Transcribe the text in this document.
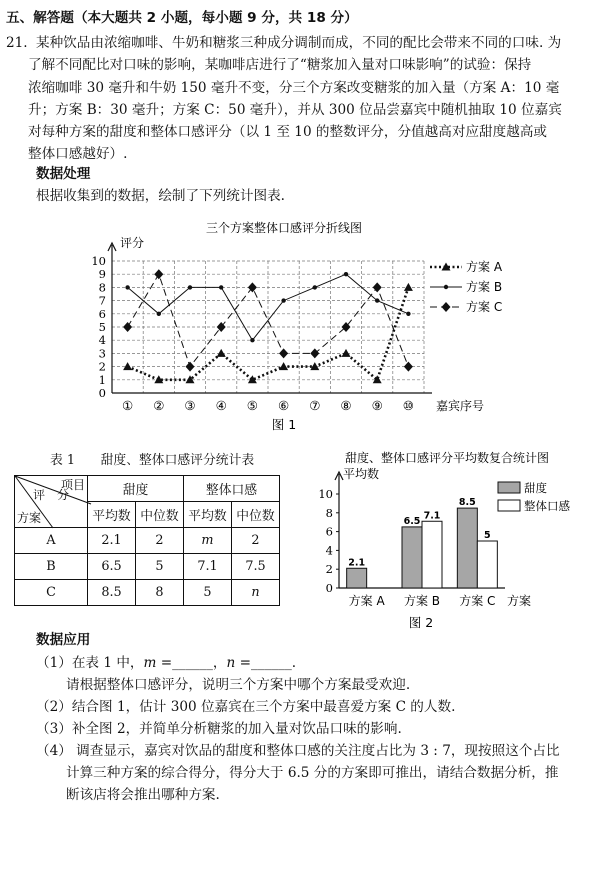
五、解答题（本大题共 2 小题，每小题 9 分，共 18 分）
21. 某种饮品由浓缩咖啡、牛奶和糖浆三种成分调制而成，不同的配比会带来不同的口味. 为
了解不同配比对口味的影响，某咖啡店进行了“糖浆加入量对口味影响”的试验：保持
浓缩咖啡 30 毫升和牛奶 150 毫升不变，分三个方案改变糖浆的加入量（方案 A：10 毫
升；方案 B：30 毫升；方案 C：50 毫升），并从 300 位品尝嘉宾中随机抽取 10 位嘉宾
对每种方案的甜度和整体口感评分（以 1 至 10 的整数评分，分值越高对应甜度越高或
整体口感越好）.
数据处理
根据收集到的数据，绘制了下列统计图表.
三个方案整体口感评分折线图
评分
嘉宾序号
0
1
2
3
4
5
6
7
8
9
10
① ② ③ ④ ⑤ ⑥ ⑦ ⑧ ⑨ ⑩
方案 A
方案 B
方案 C
图 1
表 1　　甜度、整体口感评分统计表
项目
评　分
方案	甜度		整体口感	
	平均数	中位数	平均数	中位数
A	2.1	2	m	2
B	6.5	5	7.1	7.5
C	8.5	8	5	n
甜度、整体口感评分平均数复合统计图
平均数
方案
0
2
4
6
8
10
方案 A
2.1
方案 B
6.5
7.1
方案 C
8.5
5
甜度
整体口感
图 2
数据应用
（1）在表 1 中，m =______，n =______.
请根据整体口感评分，说明三个方案中哪个方案最受欢迎.
（2）结合图 1，估计 300 位嘉宾在三个方案中最喜爱方案 C 的人数.
（3）补全图 2，并简单分析糖浆的加入量对饮品口味的影响.
（4） 调查显示，嘉宾对饮品的甜度和整体口感的关注度占比为 3 : 7，现按照这个占比
计算三种方案的综合得分，得分大于 6.5 分的方案即可推出，请结合数据分析，推
断该店将会推出哪种方案.
